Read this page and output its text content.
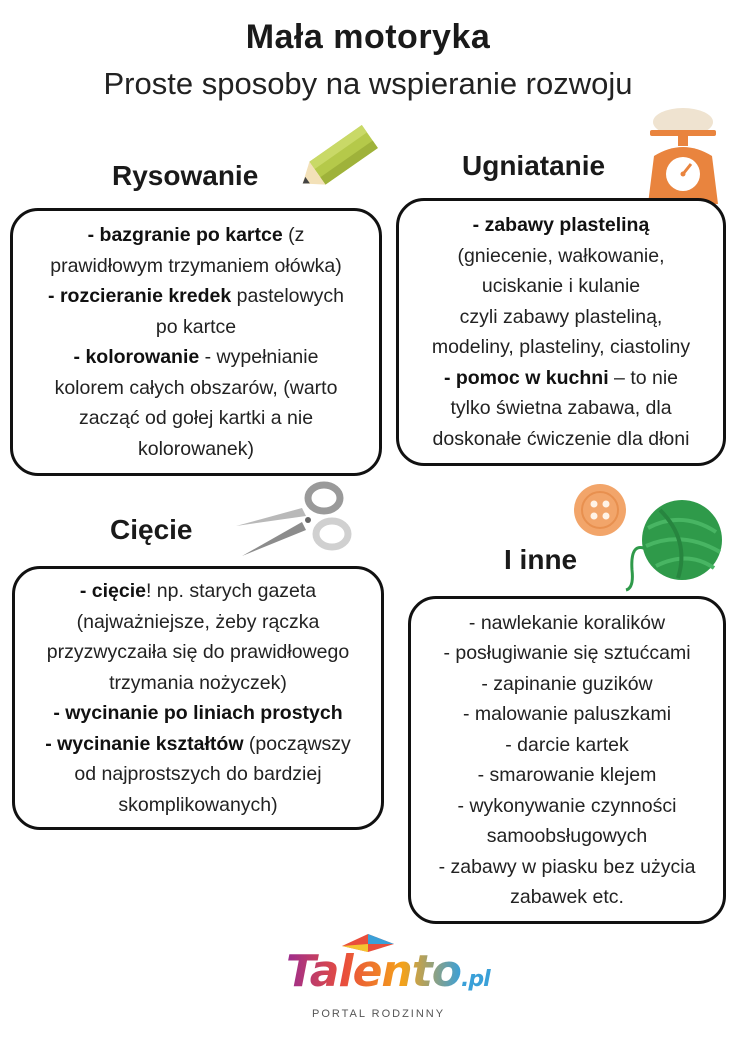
Mała motoryka
Proste sposoby na wspieranie rozwoju
Rysowanie
- bazgranie po kartce (z
prawidłowym trzymaniem ołówka)
- rozcieranie kredek pastelowych
po kartce
- kolorowanie - wypełnianie
kolorem całych obszarów, (warto
zacząć od gołej kartki a nie
kolorowanek)
Ugniatanie
- zabawy plasteliną
(gniecenie, wałkowanie,
uciskanie i kulanie
czyli zabawy plasteliną,
modeliny, plasteliny, ciastoliny
- pomoc w kuchni – to nie
tylko świetna zabawa, dla
doskonałe ćwiczenie dla dłoni
Cięcie
- cięcie! np. starych gazeta
(najważniejsze, żeby rączka
przyzwyczaiła się do prawidłowego
trzymania nożyczek)
- wycinanie po liniach prostych
- wycinanie kształtów (począwszy
od najprostszych do bardziej
skomplikowanych)
I inne
- nawlekanie koralików
- posługiwanie się sztućcami
- zapinanie guzików
- malowanie paluszkami
- darcie kartek
- smarowanie klejem
- wykonywanie czynności
samoobsługowych
- zabawy w piasku bez użycia
zabawek etc.
Talento.pl
PORTAL RODZINNY
